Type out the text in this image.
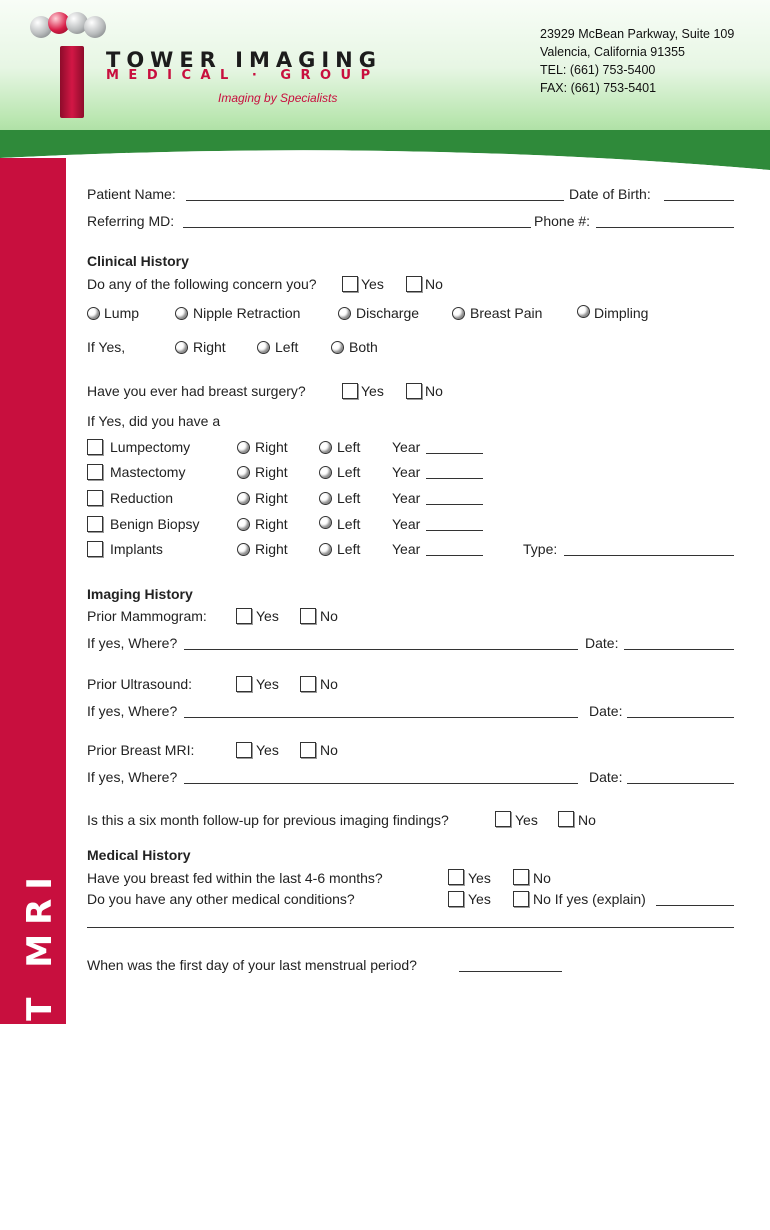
TOWER IMAGING
MEDICAL · GROUP
Imaging by Specialists
23929 McBean Parkway, Suite 109
Valencia, California 91355
TEL: (661) 753-5400
FAX: (661) 753-5401
BREAST MRI
Patient Name:	Date of Birth:
Referring MD:	Phone #:
Clinical History
Do any of the following concern you?	Yes	No
Lump	Nipple Retraction	Discharge	Breast Pain	Dimpling
If Yes,	Right	Left	Both
Have you ever had breast surgery?	Yes	No
If Yes, did you have a
Lumpectomy	Right	Left Year
Mastectomy	Right	Left Year
Reduction	Right	Left Year
Benign Biopsy	Right	Left Year
Implants	Right	Left Year	Type:
Imaging History
Prior Mammogram:	Yes	No
If yes, Where?	Date:
Prior Ultrasound:	Yes	No
If yes, Where?	Date:
Prior Breast MRI:	Yes	No
If yes, Where?	Date:
Is this a six month follow-up for previous imaging findings?	Yes	No
Medical History
Have you breast fed within the last 4-6 months?	Yes	No
Do you have any other medical conditions?	Yes	No If yes (explain)
When was the first day of your last menstrual period?
